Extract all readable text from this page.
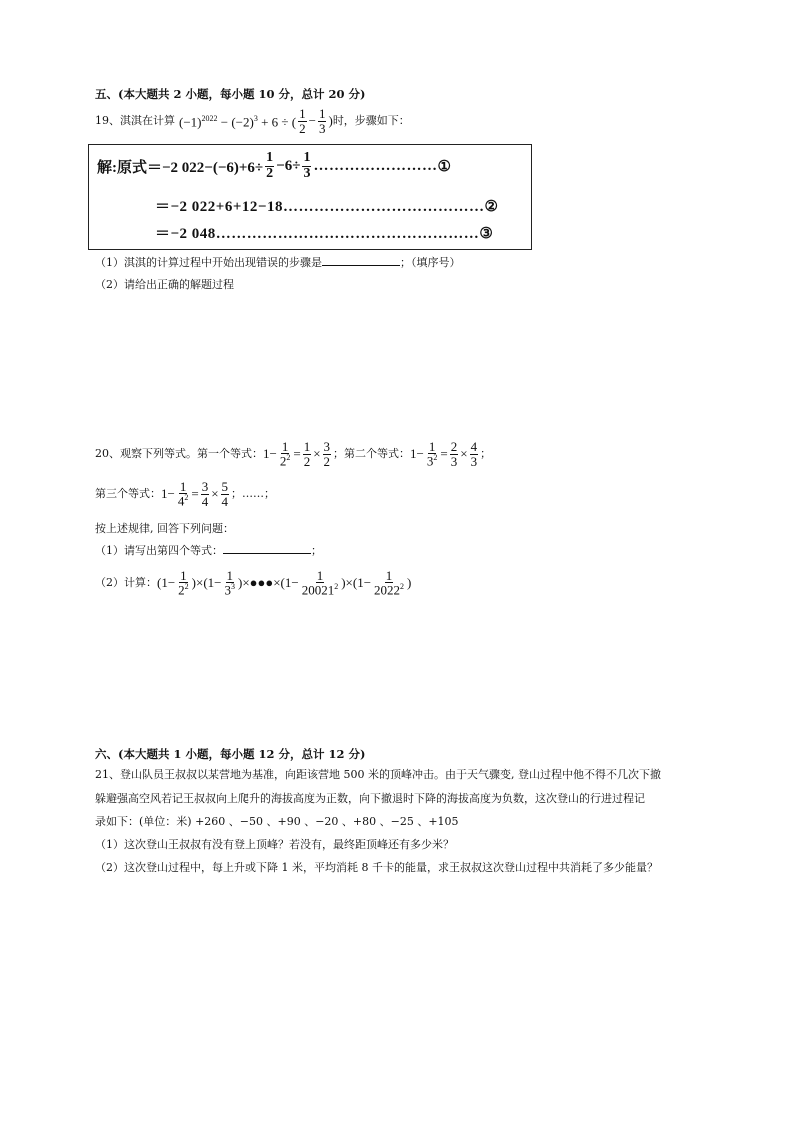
五、(本大题共 2 小题，每小题 10 分，总计 20 分)
19、淇淇在计算 $(-1)^{2022} - (-2)^3 + 6$ ÷ ( $\frac{1}{2} - \frac{1}{3}$ ) 时，步骤如下：
解:原式＝−2 $022-(-6)+6\div \frac{1}{2} -6\div \frac{1}{3}$ …………………… ①
＝−2 022+6+12−18…………………………………②
＝−2 048……………………………………………③
（1）淇淇的计算过程中开始出现错误的步骤是	；（填序号）
（2）请给出正确的解题过程
20、观察下列等式。第一个等式： $1- \frac{1}{2^2} = \frac{1}{2} \times \frac{3}{2}$ ；第二个等式： $1- \frac{1}{3^2} = \frac{2}{3} \times \frac{4}{3}$ ；
第三个等式： $1- \frac{1}{4^2} = \frac{3}{4} \times \frac{5}{4}$ ；……；
按上述规律, 回答下列问题：
（1）请写出第四个等式：	；
（2）计算： $(1- \frac{1}{2^2} )\times(1- \frac{1}{3^3}$ )×●●●×(1− $\frac{1}{20021^2} )\times(1- \frac{1}{2022^2}$ )
六、(本大题共 1 小题，每小题 12 分，总计 12 分)
21、登山队员王叔叔以某营地为基准，向距该营地 500 米的顶峰冲击。由于天气骤变, 登山过程中他不得不几次下撤
躲避强高空风若记王叔叔向上爬升的海拔高度为正数，向下撤退时下降的海拔高度为负数，这次登山的行进过程记
录如下：(单位：米) +260 、−50 、+90 、−20 、+80 、−25 、+105
（1）这次登山王叔叔有没有登上顶峰？若没有，最终距顶峰还有多少米？
（2）这次登山过程中，每上升或下降 1 米，平均消耗 8 千卡的能量，求王叔叔这次登山过程中共消耗了多少能量？
